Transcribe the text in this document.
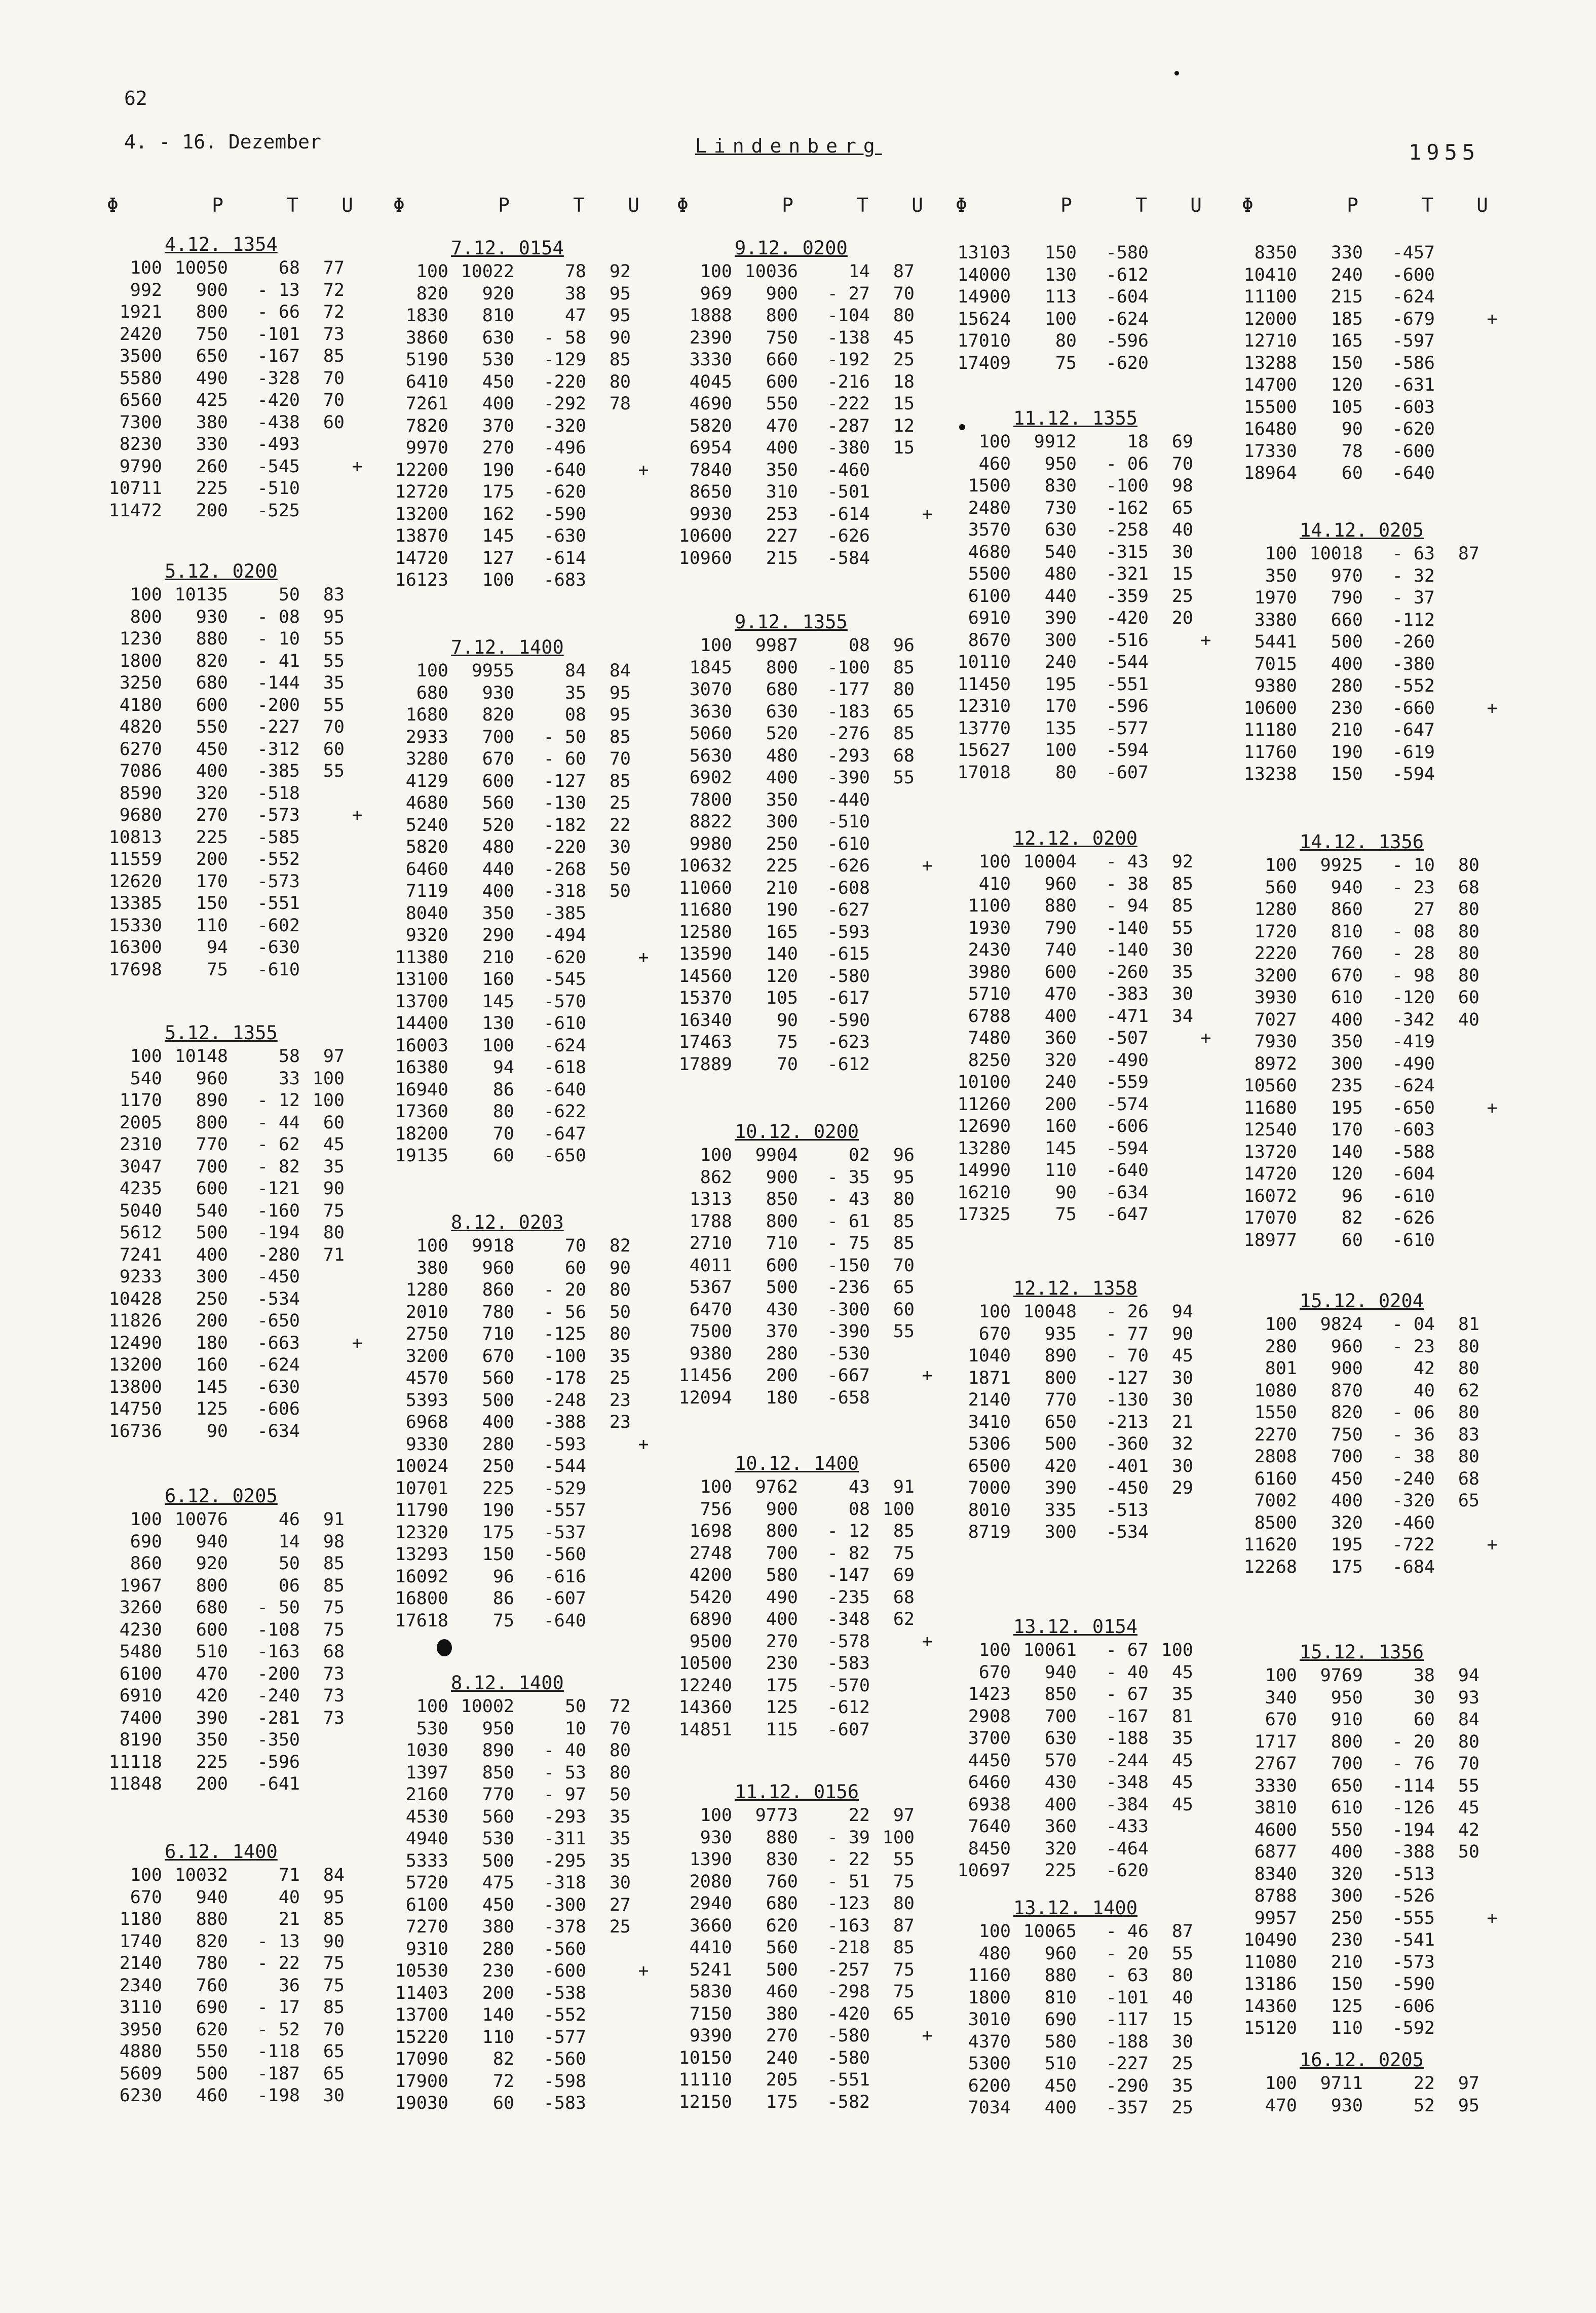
62
4. - 16. Dezember	Lindenberg	1955
Φ	P	T	U
4.12. 1354
100 10050	68	77
992	900	- 13	72
1921	800	- 66	72
2420	750	-101	73
3500	650	-167	85
5580	490	-328	70
6560	425	-420	70
7300	380	-438	60
8230	330	-493
9790	260	-545	+
10711	225	-510
11472	200	-525
5.12. 0200
100 10135	50	83
800	930	- 08	95
1230	880	- 10	55
1800	820	- 41	55
3250	680	-144	35
4180	600	-200	55
4820	550	-227	70
6270	450	-312	60
7086	400	-385	55
8590	320	-518
9680	270	-573	+
10813	225	-585
11559	200	-552
12620	170	-573
13385	150	-551
15330	110	-602
16300	94	-630
17698	75	-610
5.12. 1355
100 10148	58	97
540	960	33 100
1170	890	- 12 100
2005	800	- 44	60
2310	770	- 62	45
3047	700	- 82	35
4235	600	-121	90
5040	540	-160	75
5612	500	-194	80
7241	400	-280	71
9233	300	-450
10428	250	-534
11826	200	-650
12490	180	-663	+
13200	160	-624
13800	145	-630
14750	125	-606
16736	90	-634
6.12. 0205
100 10076	46	91
690	940	14	98
860	920	50	85
1967	800	06	85
3260	680	- 50	75
4230	600	-108	75
5480	510	-163	68
6100	470	-200	73
6910	420	-240	73
7400	390	-281	73
8190	350	-350
11118	225	-596
11848	200	-641
6.12. 1400
100 10032	71	84
670	940	40	95
1180	880	21	85
1740	820	- 13	90
2140	780	- 22	75
2340	760	36	75
3110	690	- 17	85
3950	620	- 52	70
4880	550	-118	65
5609	500	-187	65
6230	460	-198	30
Φ	P	T	U
7.12. 0154
100 10022	78	92
820	920	38	95
1830	810	47	95
3860	630	- 58	90
5190	530	-129	85
6410	450	-220	80
7261	400	-292	78
7820	370	-320
9970	270	-496
12200	190	-640	+
12720	175	-620
13200	162	-590
13870	145	-630
14720	127	-614
16123	100	-683
7.12. 1400
100	9955	84	84
680	930	35	95
1680	820	08	95
2933	700	- 50	85
3280	670	- 60	70
4129	600	-127	85
4680	560	-130	25
5240	520	-182	22
5820	480	-220	30
6460	440	-268	50
7119	400	-318	50
8040	350	-385
9320	290	-494
11380	210	-620	+
13100	160	-545
13700	145	-570
14400	130	-610
16003	100	-624
16380	94	-618
16940	86	-640
17360	80	-622
18200	70	-647
19135	60	-650
8.12. 0203
100	9918	70	82
380	960	60	90
1280	860	- 20	80
2010	780	- 56	50
2750	710	-125	80
3200	670	-100	35
4570	560	-178	25
5393	500	-248	23
6968	400	-388	23
9330	280	-593	+
10024	250	-544
10701	225	-529
11790	190	-557
12320	175	-537
13293	150	-560
16092	96	-616
16800	86	-607
17618	75	-640
8.12. 1400
100 10002	50	72
530	950	10	70
1030	890	- 40	80
1397	850	- 53	80
2160	770	- 97	50
4530	560	-293	35
4940	530	-311	35
5333	500	-295	35
5720	475	-318	30
6100	450	-300	27
7270	380	-378	25
9310	280	-560
10530	230	-600	+
11403	200	-538
13700	140	-552
15220	110	-577
17090	82	-560
17900	72	-598
19030	60	-583
Φ	P	T	U
9.12. 0200
100 10036	14	87
969	900	- 27	70
1888	800	-104	80
2390	750	-138	45
3330	660	-192	25
4045	600	-216	18
4690	550	-222	15
5820	470	-287	12
6954	400	-380	15
7840	350	-460
8650	310	-501
9930	253	-614	+
10600	227	-626
10960	215	-584
9.12. 1355
100	9987	08	96
1845	800	-100	85
3070	680	-177	80
3630	630	-183	65
5060	520	-276	85
5630	480	-293	68
6902	400	-390	55
7800	350	-440
8822	300	-510
9980	250	-610
10632	225	-626	+
11060	210	-608
11680	190	-627
12580	165	-593
13590	140	-615
14560	120	-580
15370	105	-617
16340	90	-590
17463	75	-623
17889	70	-612
10.12. 0200
100	9904	02	96
862	900	- 35	95
1313	850	- 43	80
1788	800	- 61	85
2710	710	- 75	85
4011	600	-150	70
5367	500	-236	65
6470	430	-300	60
7500	370	-390	55
9380	280	-530
11456	200	-667	+
12094	180	-658
10.12. 1400
100	9762	43	91
756	900	08 100
1698	800	- 12	85
2748	700	- 82	75
4200	580	-147	69
5420	490	-235	68
6890	400	-348	62
9500	270	-578	+
10500	230	-583
12240	175	-570
14360	125	-612
14851	115	-607
11.12. 0156
100	9773	22	97
930	880	- 39 100
1390	830	- 22	55
2080	760	- 51	75
2940	680	-123	80
3660	620	-163	87
4410	560	-218	85
5241	500	-257	75
5830	460	-298	75
7150	380	-420	65
9390	270	-580	+
10150	240	-580
11110	205	-551
12150	175	-582
Φ	P	T	U
13103	150	-580
14000	130	-612
14900	113	-604
15624	100	-624
17010	80	-596
17409	75	-620
11.12. 1355
100	9912	18	69
460	950	- 06	70
1500	830	-100	98
2480	730	-162	65
3570	630	-258	40
4680	540	-315	30
5500	480	-321	15
6100	440	-359	25
6910	390	-420	20
8670	300	-516	+
10110	240	-544
11450	195	-551
12310	170	-596
13770	135	-577
15627	100	-594
17018	80	-607
12.12. 0200
100 10004	- 43	92
410	960	- 38	85
1100	880	- 94	85
1930	790	-140	55
2430	740	-140	30
3980	600	-260	35
5710	470	-383	30
6788	400	-471	34
7480	360	-507	+
8250	320	-490
10100	240	-559
11260	200	-574
12690	160	-606
13280	145	-594
14990	110	-640
16210	90	-634
17325	75	-647
12.12. 1358
100 10048	- 26	94
670	935	- 77	90
1040	890	- 70	45
1871	800	-127	30
2140	770	-130	30
3410	650	-213	21
5306	500	-360	32
6500	420	-401	30
7000	390	-450	29
8010	335	-513
8719	300	-534
13.12. 0154
100 10061	- 67 100
670	940	- 40	45
1423	850	- 67	35
2908	700	-167	81
3700	630	-188	35
4450	570	-244	45
6460	430	-348	45
6938	400	-384	45
7640	360	-433
8450	320	-464
10697	225	-620
13.12. 1400
100 10065	- 46	87
480	960	- 20	55
1160	880	- 63	80
1800	810	-101	40
3010	690	-117	15
4370	580	-188	30
5300	510	-227	25
6200	450	-290	35
7034	400	-357	25
Φ	P	T	U
8350	330	-457
10410	240	-600
11100	215	-624
12000	185	-679	+
12710	165	-597
13288	150	-586
14700	120	-631
15500	105	-603
16480	90	-620
17330	78	-600
18964	60	-640
14.12. 0205
100 10018	- 63	87
350	970	- 32
1970	790	- 37
3380	660	-112
5441	500	-260
7015	400	-380
9380	280	-552
10600	230	-660	+
11180	210	-647
11760	190	-619
13238	150	-594
14.12. 1356
100	9925	- 10	80
560	940	- 23	68
1280	860	27	80
1720	810	- 08	80
2220	760	- 28	80
3200	670	- 98	80
3930	610	-120	60
7027	400	-342	40
7930	350	-419
8972	300	-490
10560	235	-624
11680	195	-650	+
12540	170	-603
13720	140	-588
14720	120	-604
16072	96	-610
17070	82	-626
18977	60	-610
15.12. 0204
100	9824	- 04	81
280	960	- 23	80
801	900	42	80
1080	870	40	62
1550	820	- 06	80
2270	750	- 36	83
2808	700	- 38	80
6160	450	-240	68
7002	400	-320	65
8500	320	-460
11620	195	-722	+
12268	175	-684
15.12. 1356
100	9769	38	94
340	950	30	93
670	910	60	84
1717	800	- 20	80
2767	700	- 76	70
3330	650	-114	55
3810	610	-126	45
4600	550	-194	42
6877	400	-388	50
8340	320	-513
8788	300	-526
9957	250	-555	+
10490	230	-541
11080	210	-573
13186	150	-590
14360	125	-606
15120	110	-592
16.12. 0205
100	9711	22	97
470	930	52	95
